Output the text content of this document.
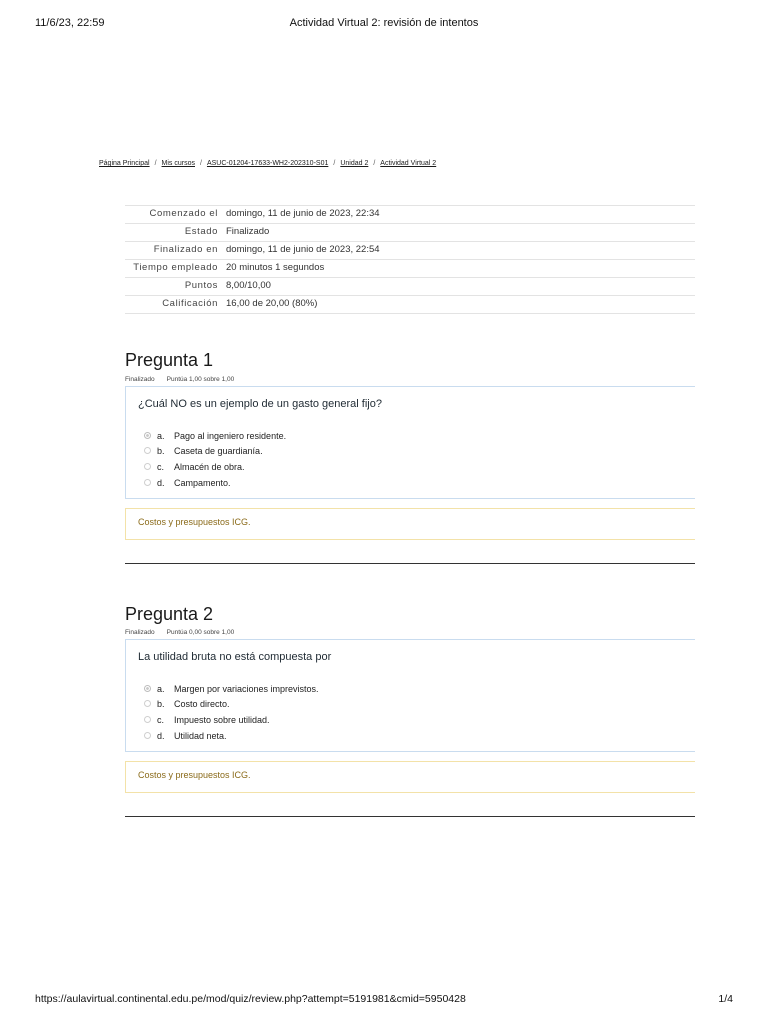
11/6/23, 22:59	Actividad Virtual 2: revisión de intentos
Página Principal / Mis cursos / ASUC-01204-17633-WH2-202310-S01 / Unidad 2 / Actividad Virtual 2
Comenzado el	domingo, 11 de junio de 2023, 22:34
Estado	Finalizado
Finalizado en	domingo, 11 de junio de 2023, 22:54
Tiempo empleado	20 minutos 1 segundos
Puntos	8,00/10,00
Calificación	16,00 de 20,00 (80%)
Pregunta 1
Finalizado Puntúa 1,00 sobre 1,00
¿Cuál NO es un ejemplo de un gasto general fijo?
a. Pago al ingeniero residente.
b. Caseta de guardianía.
c. Almacén de obra.
d. Campamento.
Costos y presupuestos ICG.
Pregunta 2
Finalizado Puntúa 0,00 sobre 1,00
La utilidad bruta no está compuesta por
a. Margen por variaciones imprevistos.
b. Costo directo.
c. Impuesto sobre utilidad.
d. Utilidad neta.
Costos y presupuestos ICG.
https://aulavirtual.continental.edu.pe/mod/quiz/review.php?attempt=5191981&cmid=5950428	1/4
